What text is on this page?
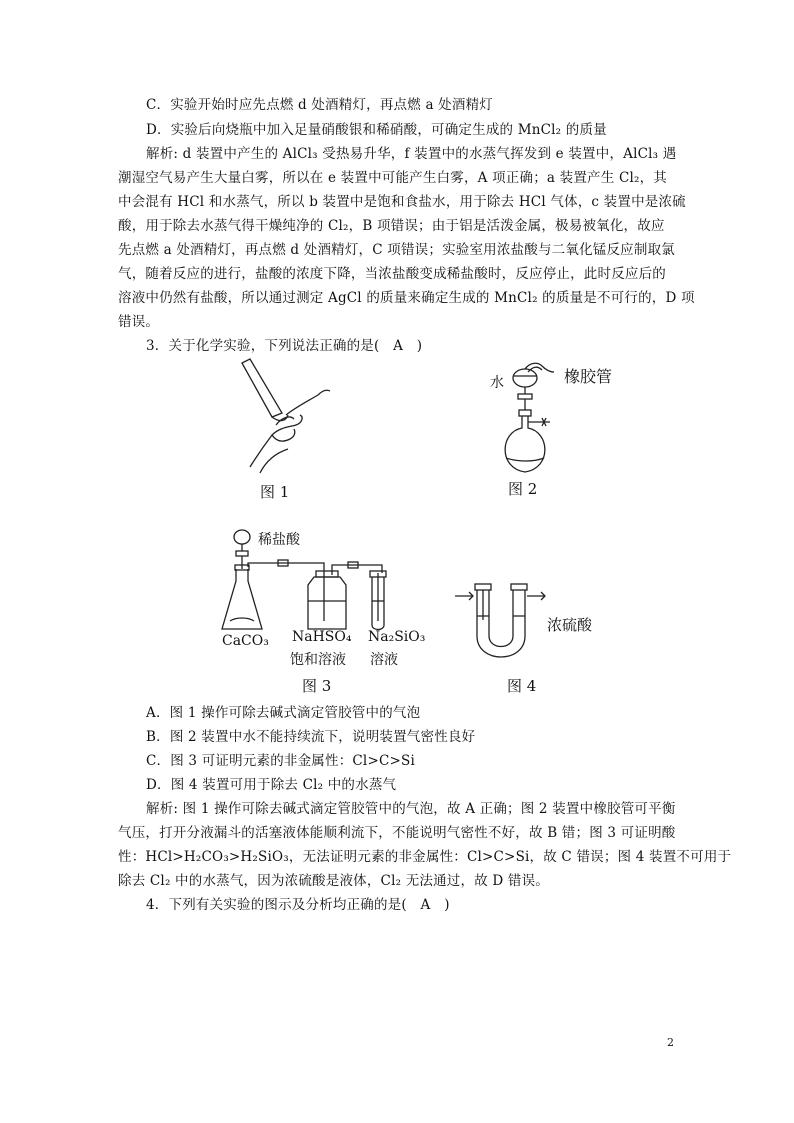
C．实验开始时应先点燃 d 处酒精灯，再点燃 a 处酒精灯
D．实验后向烧瓶中加入足量硝酸银和稀硝酸，可确定生成的 MnCl₂ 的质量
解析: d 装置中产生的 AlCl₃ 受热易升华，f 装置中的水蒸气挥发到 e 装置中，AlCl₃ 遇
潮湿空气易产生大量白雾，所以在 e 装置中可能产生白雾，A 项正确；a 装置产生 Cl₂，其
中会混有 HCl 和水蒸气，所以 b 装置中是饱和食盐水，用于除去 HCl 气体，c 装置中是浓硫
酸，用于除去水蒸气得干燥纯净的 Cl₂，B 项错误；由于铝是活泼金属，极易被氧化，故应
先点燃 a 处酒精灯，再点燃 d 处酒精灯，C 项错误；实验室用浓盐酸与二氧化锰反应制取氯
气，随着反应的进行，盐酸的浓度下降，当浓盐酸变成稀盐酸时，反应停止，此时反应后的
溶液中仍然有盐酸，所以通过测定 AgCl 的质量来确定生成的 MnCl₂ 的质量是不可行的，D 项
错误。
3．关于化学实验，下列说法正确的是(　A　)
图 1
水	橡胶管
图 2
稀盐酸
CaCO₃ NaHSO₄
饱和溶液
Na₂SiO₃
溶液
图 3
浓硫酸
图 4
A．图 1 操作可除去碱式滴定管胶管中的气泡
B．图 2 装置中水不能持续流下，说明装置气密性良好
C．图 3 可证明元素的非金属性：Cl>C>Si
D．图 4 装置可用于除去 Cl₂ 中的水蒸气
解析: 图 1 操作可除去碱式滴定管胶管中的气泡，故 A 正确；图 2 装置中橡胶管可平衡
气压，打开分液漏斗的活塞液体能顺利流下，不能说明气密性不好，故 B 错；图 3 可证明酸
性：HCl>H₂CO₃>H₂SiO₃，无法证明元素的非金属性：Cl>C>Si，故 C 错误；图 4 装置不可用于
除去 Cl₂ 中的水蒸气，因为浓硫酸是液体，Cl₂ 无法通过，故 D 错误。
4．下列有关实验的图示及分析均正确的是(　A　)
2
